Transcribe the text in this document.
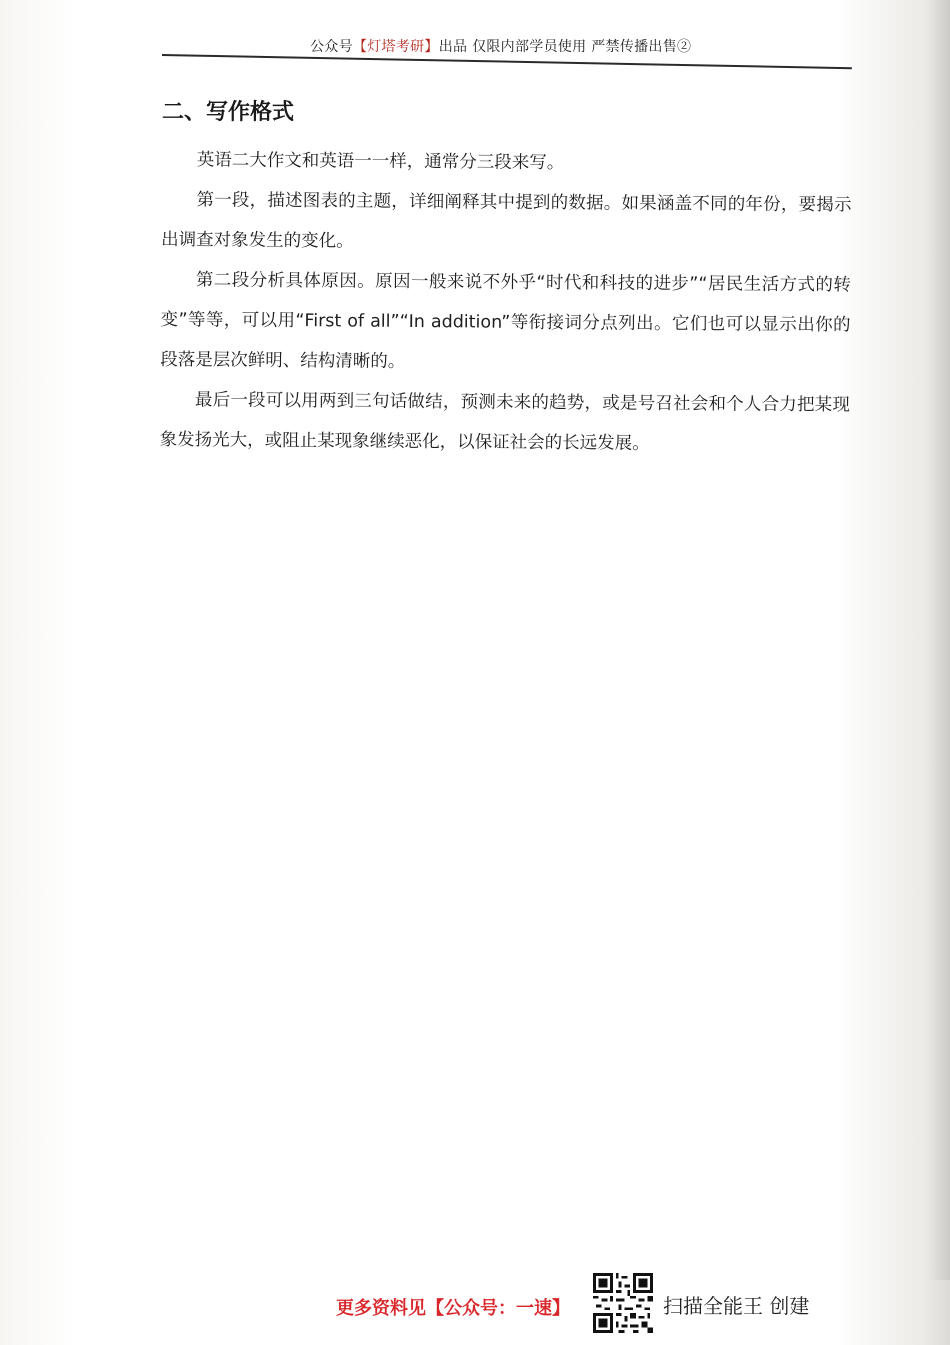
公众号【灯塔考研】出品 仅限内部学员使用 严禁传播出售②
二、写作格式

英语二大作文和英语一一样，通常分三段来写。

第一段，描述图表的主题，详细阐释其中提到的数据。如果涵盖不同的年份，要揭示出调查对象发生的变化。

第二段分析具体原因。原因一般来说不外乎“时代和科技的进步”“居民生活方式的转变”等等，可以用“First of all”“In addition”等衔接词分点列出。它们也可以显示出你的段落是层次鲜明、结构清晰的。

最后一段可以用两到三句话做结，预测未来的趋势，或是号召社会和个人合力把某现象发扬光大，或阻止某现象继续恶化，以保证社会的长远发展。

更多资料见【公众号：一速】	扫描全能王 创建
